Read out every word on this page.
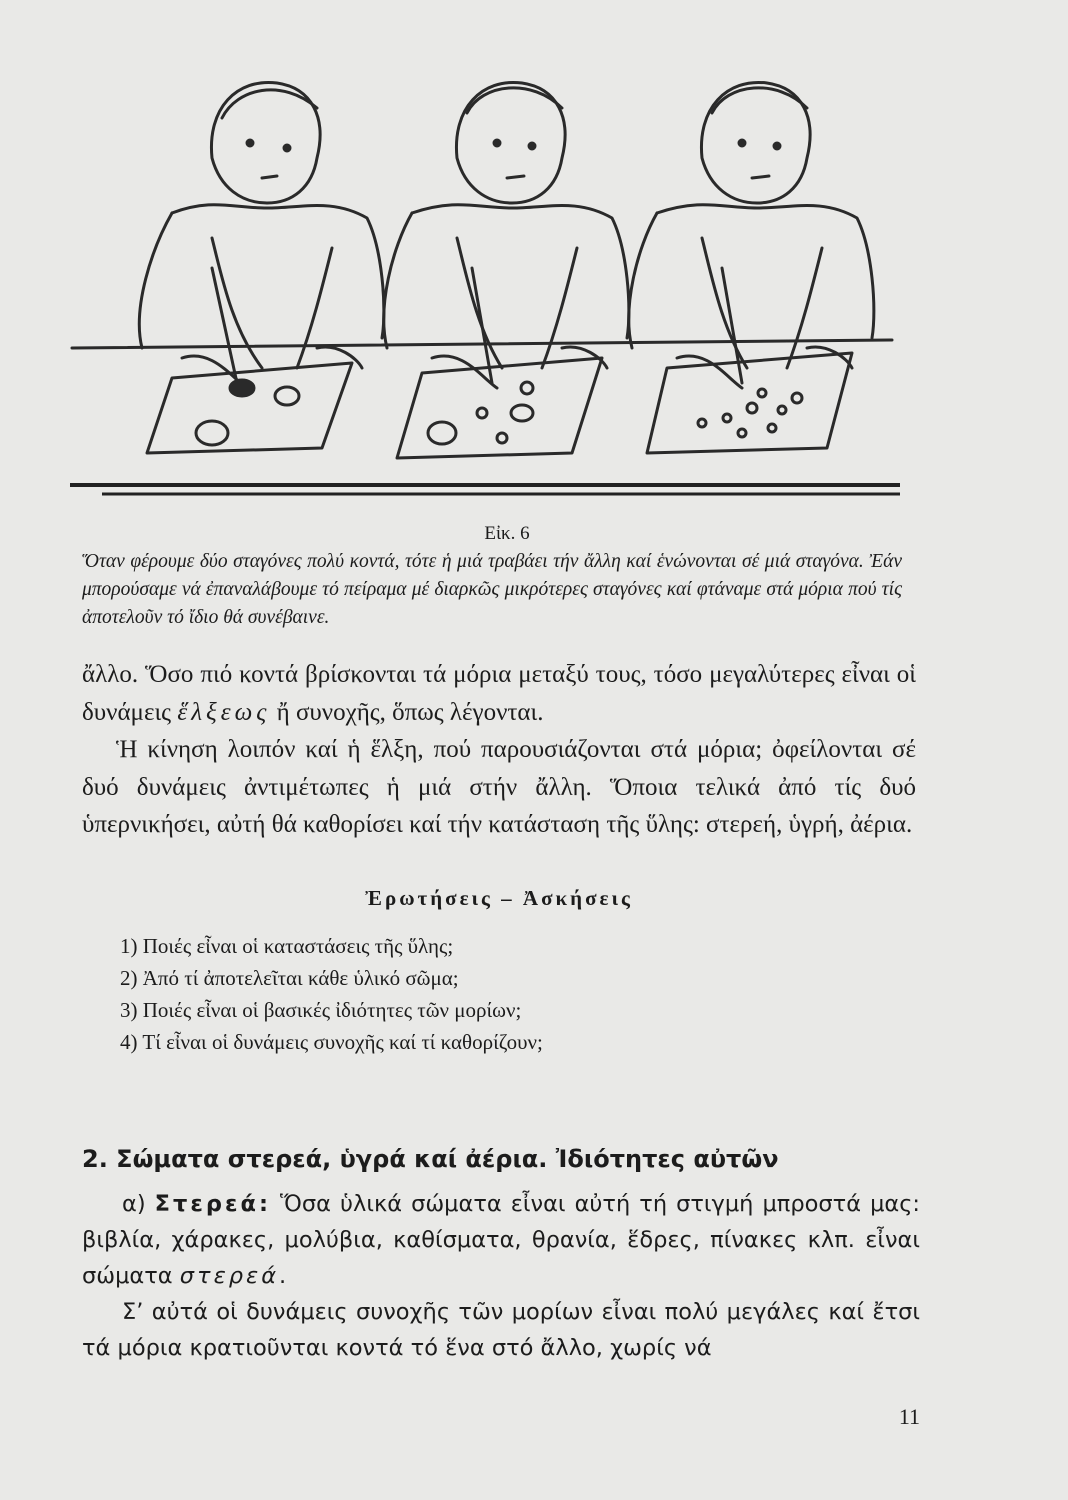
Εἰκ. 6

Ὅταν φέρουμε δύο σταγόνες πολύ κοντά, τότε ἡ μιά τραβάει τήν ἄλλη καί ἑνώνονται σέ μιά σταγόνα. Ἐάν μπορούσαμε νά ἐπαναλάβουμε τό πείραμα μέ διαρκῶς μικρότερες σταγόνες καί φτάναμε στά μόρια πού τίς ἀποτελοῦν τό ἴδιο θά συνέβαινε.

ἄλλο. Ὅσο πιό κοντά βρίσκονται τά μόρια μεταξύ τους, τόσο μεγαλύτερες εἶναι οἱ δυνάμεις ἕλξεως ἤ συνοχῆς, ὅπως λέγονται.

Ἡ κίνηση λοιπόν καί ἡ ἕλξη, πού παρουσιάζονται στά μόρια; ὀφείλονται σέ δυό δυνάμεις ἀντιμέτωπες ἡ μιά στήν ἄλλη. Ὅποια τελικά ἀπό τίς δυό ὑπερνικήσει, αὐτή θά καθορίσει καί τήν κατάσταση τῆς ὕλης: στερεή, ὑγρή, ἀέρια.

Ἐρωτήσεις – Ἀσκήσεις
1) Ποιές εἶναι οἱ καταστάσεις τῆς ὕλης;
2) Ἀπό τί ἀποτελεῖται κάθε ὑλικό σῶμα;
3) Ποιές εἶναι οἱ βασικές ἰδιότητες τῶν μορίων;
4) Τί εἶναι οἱ δυνάμεις συνοχῆς καί τί καθορίζουν;
2. Σώματα στερεά, ὑγρά καί ἀέρια. Ἰδιότητες αὐτῶν

α) Στερεά: Ὅσα ὑλικά σώματα εἶναι αὐτή τή στιγμή μπροστά μας: βιβλία, χάρακες, μολύβια, καθίσματα, θρανία, ἕδρες, πίνακες κλπ. εἶναι σώματα στερεά.

Σ’ αὐτά οἱ δυνάμεις συνοχῆς τῶν μορίων εἶναι πολύ μεγάλες καί ἔτσι τά μόρια κρατιοῦνται κοντά τό ἕνα στό ἄλλο, χωρίς νά

11
